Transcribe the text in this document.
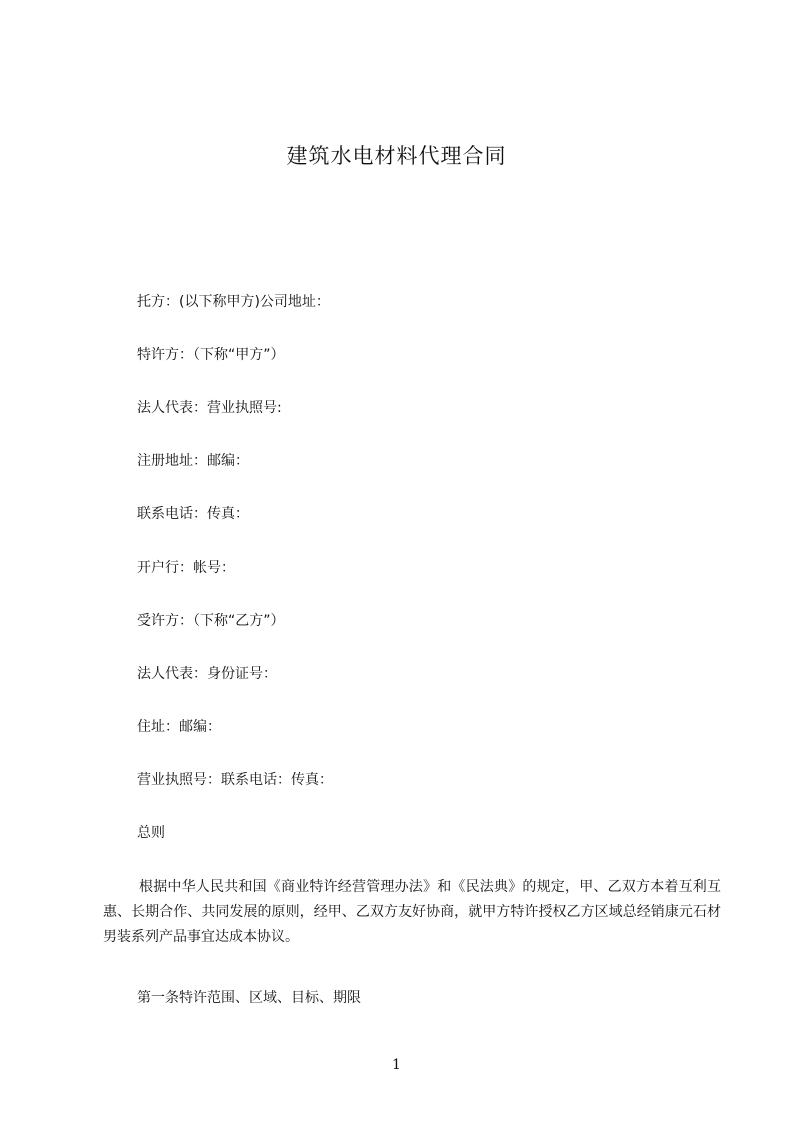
建筑水电材料代理合同
托方：(以下称甲方)公司地址：
特许方：（下称“甲方”）
法人代表：营业执照号:
注册地址：邮编：
联系电话：传真：
开户行：帐号：
受许方：（下称“乙方”）
法人代表：身份证号：
住址：邮编：
营业执照号：联系电话：传真：
总则
根据中华人民共和国《商业特许经营管理办法》和《民法典》的规定，甲、乙双方本着互利互惠、长期合作、共同发展的原则，经甲、乙双方友好协商，就甲方特许授权乙方区域总经销康元石材男装系列产品事宜达成本协议。
第一条特许范围、区域、目标、期限
1
